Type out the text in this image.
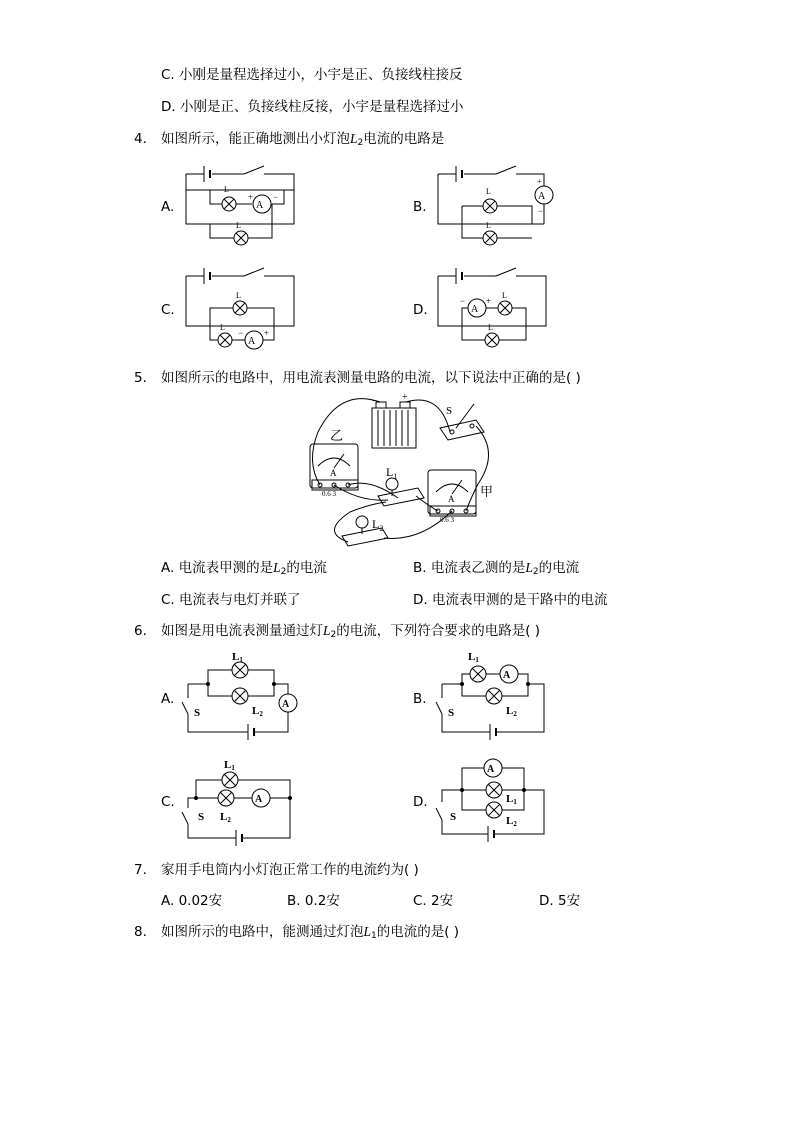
C. 小刚是量程选择过小，小宇是正、负接线柱接反
D. 小刚是正、负接线柱反接，小宇是量程选择过小
4. 如图所示，能正确地测出小灯泡$L_2$电流的电路是
A.	B.
C.	D.
A
L
L
+ −	A
+
−
L
L
A
L
L
− +
A
− +
L
L
5. 如图所示的电路中，用电流表测量电路的电流，以下说法中正确的是( )
乙
甲
S
$L_1$
$L_2$
A
A
0.6 3
0.6 3
− +
A. 电流表甲测的是$L_2$的电流	B. 电流表乙测的是$L_2$的电流
C. 电流表与电灯并联了	D. 电流表甲测的是干路中的电流
6. 如图是用电流表测量通过灯$L_2$的电流，下列符合要求的电路是( )
A.	B.
C.	D.
A
L1
L2
S
A
L1
L2
S
A
L1
L2
S
A
L1
L2
S
7. 家用手电筒内小灯泡正常工作的电流约为( )
A. 0.02安	B. 0.2安	C. 2安	D. 5安
8. 如图所示的电路中，能测通过灯泡$L_1$的电流的是( )
